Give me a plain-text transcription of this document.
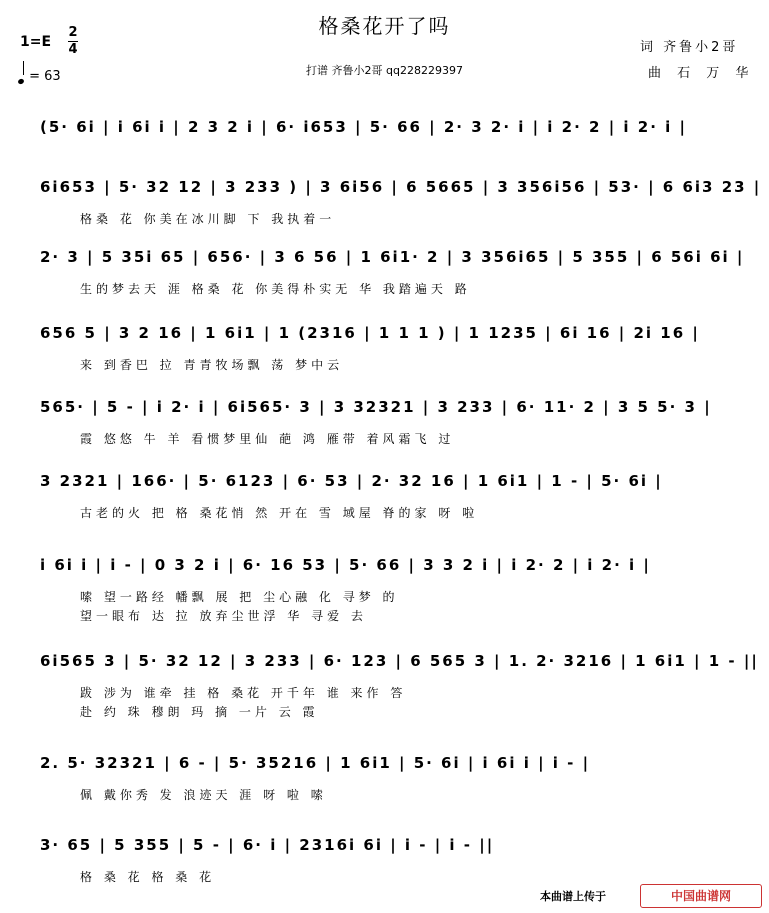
格桑花开了吗
1=E
2
4
= 63	打谱 齐鲁小2哥 qq228229397
词 齐鲁小2哥
曲 石 万 华
(5· 6i | i 6i i | 2 3 2 i | 6· i653 | 5· 66 | 2· 3 2· i | i 2· 2 | i 2· i |
6i653 | 5· 32 12 | 3 233 ) | 3 6i56 | 6 5665 | 3 356i56 | 53· | 6 6i3 23 |
格桑 花 你美在冰川脚 下 我执着一
2· 3 | 5 35i 65 | 656· | 3 6 56 | 1 6i1· 2 | 3 356i65 | 5 355 | 6 56i 6i |
生的梦去天 涯 格桑 花 你美得朴实无 华 我踏遍天 路
656 5 | 3 2 16 | 1 6i1 | 1 (2316 | 1 1 1 ) | 1 1235 | 6i 16 | 2i 16 |
来 到香巴 拉 青青牧场飘 荡 梦中云
565· | 5 - | i 2· i | 6i565· 3 | 3 32321 | 3 233 | 6· 11· 2 | 3 5 5· 3 |
霞 悠悠 牛 羊 看惯梦里仙 葩 鸿 雁带 着风霜飞 过
3 2321 | 166· | 5· 6123 | 6· 53 | 2· 32 16 | 1 6i1 | 1 - | 5· 6i |
古老的火 把 格 桑花悄 然 开在 雪 域屋 脊的家 呀 啦
i 6i i | i - | 0 3 2 i | 6· 16 53 | 5· 66 | 3 3 2 i | i 2· 2 | i 2· i |
嗦 望一路经 幡飘 展 把 尘心融 化 寻梦 的
望一眼布 达 拉 放弃尘世浮 华 寻爱 去
6i565 3 | 5· 32 12 | 3 233 | 6· 123 | 6 565 3 | 1. 2· 3216 | 1 6i1 | 1 - ||
跋 涉为 谁牵 挂 格 桑花 开千年 谁 来作 答
赴 约 珠 穆朗 玛 摘 一片 云 霞
2. 5· 32321 | 6 - | 5· 35216 | 1 6i1 | 5· 6i | i 6i i | i - |
佩 戴你秀 发 浪迹天 涯 呀 啦 嗦
3· 65 | 5 355 | 5 - | 6· i | 2316i 6i | i - | i - ||
格 桑 花 格 桑 花
本曲谱上传于	中国曲谱网
